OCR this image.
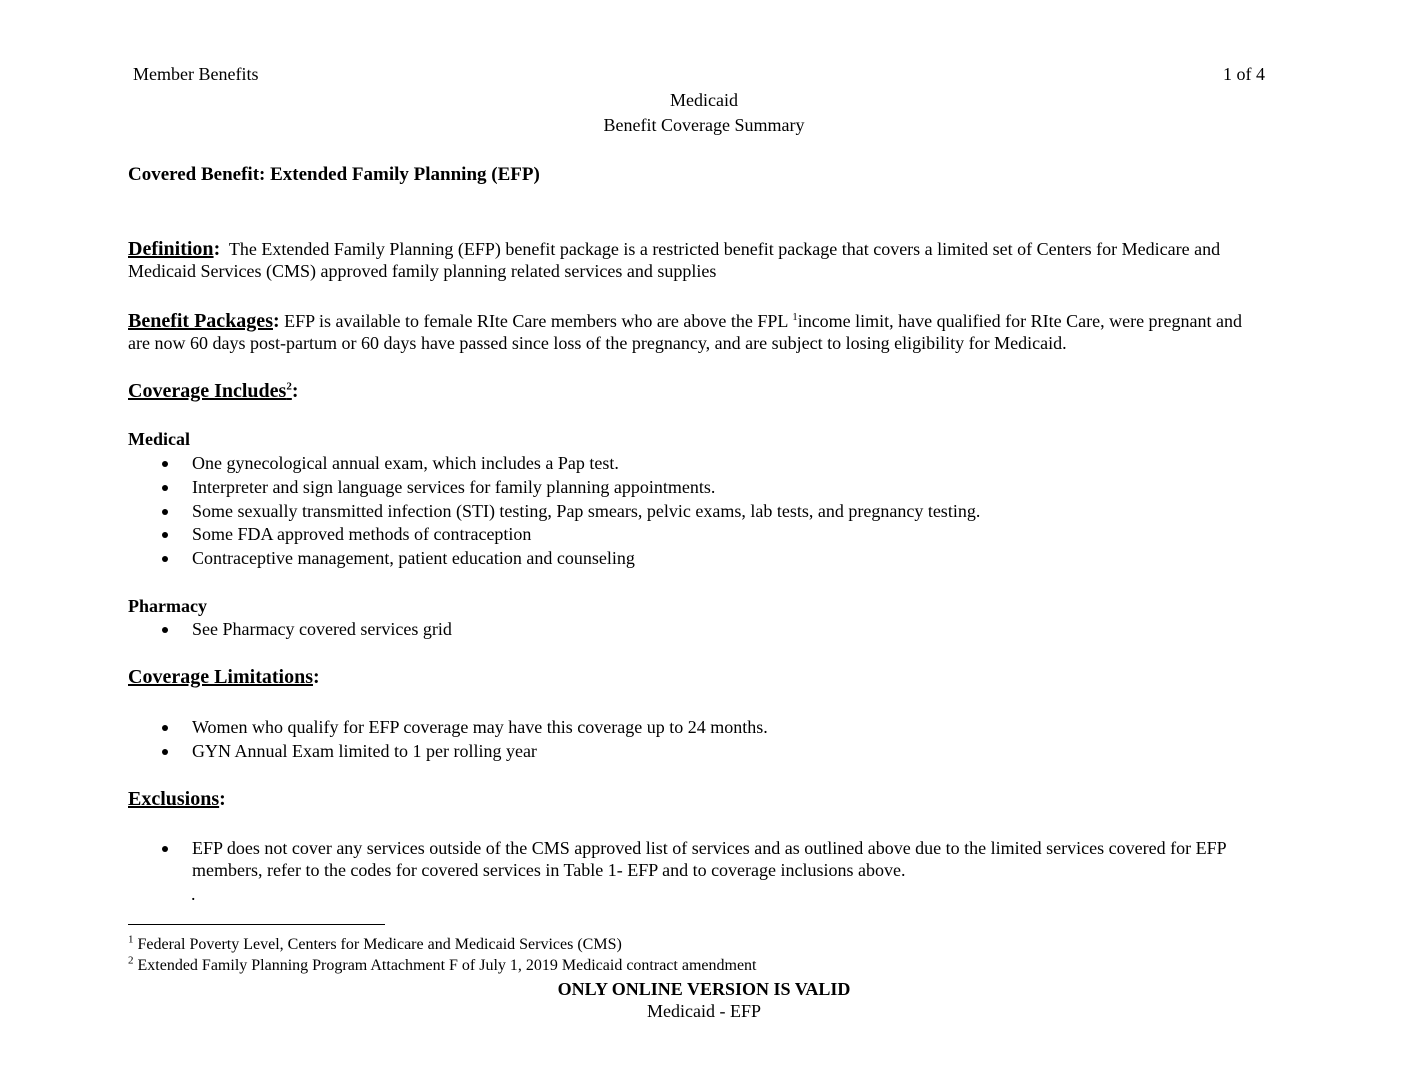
Member Benefits	1 of 4
Medicaid
Benefit Coverage Summary
Covered Benefit: Extended Family Planning (EFP)
Definition: The Extended Family Planning (EFP) benefit package is a restricted benefit package that covers a limited set of Centers for Medicare and Medicaid Services (CMS) approved family planning related services and supplies
Benefit Packages: EFP is available to female RIte Care members who are above the FPL $^1$income limit, have qualified for RIte Care, were pregnant and are now 60 days post-partum or 60 days have passed since loss of the pregnancy, and are subject to losing eligibility for Medicaid.
Coverage Includes$^2$:
Medical
One gynecological annual exam, which includes a Pap test.
Interpreter and sign language services for family planning appointments.
Some sexually transmitted infection (STI) testing, Pap smears, pelvic exams, lab tests, and pregnancy testing.
Some FDA approved methods of contraception
Contraceptive management, patient education and counseling
Pharmacy
See Pharmacy covered services grid
Coverage Limitations:
Women who qualify for EFP coverage may have this coverage up to 24 months.
GYN Annual Exam limited to 1 per rolling year
Exclusions:
EFP does not cover any services outside of the CMS approved list of services and as outlined above due to the limited services covered for EFP members, refer to the codes for covered services in Table 1- EFP and to coverage inclusions above.
.
$^1$ Federal Poverty Level, Centers for Medicare and Medicaid Services (CMS)
$^2$ Extended Family Planning Program Attachment F of July 1, 2019 Medicaid contract amendment
ONLY ONLINE VERSION IS VALID
Medicaid - EFP
